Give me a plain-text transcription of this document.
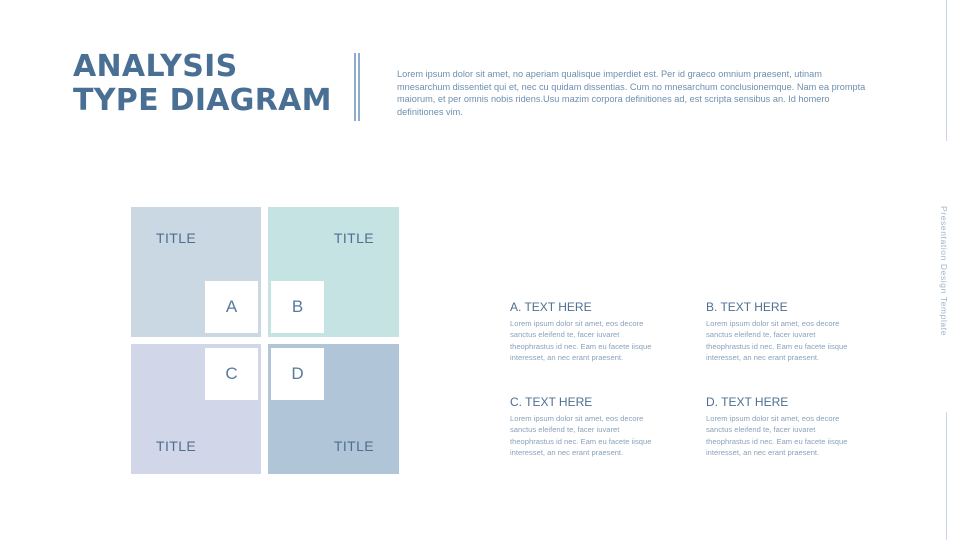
ANALYSIS
TYPE DIAGRAM
Lorem ipsum dolor sit amet, no aperiam qualisque imperdiet est. Per id graeco omnium praesent, utinam mnesarchum dissentiet qui et, nec cu quidam dissentias. Cum no mnesarchum conclusionemque. Nam ea prompta maiorum, et per omnis nobis ridens.Usu mazim corpora definitiones ad, est scripta sensibus an. Id homero definitiones vim.
Presentation Design Template
TITLE	TITLE
TITLE	TITLE
A	B
C	D
A. TEXT HERE
Lorem ipsum dolor sit amet, eos decore sanctus eleifend te, facer iuvaret theophrastus id nec. Eam eu facete iisque interesset, an nec erant praesent.
B. TEXT HERE
Lorem ipsum dolor sit amet, eos decore sanctus eleifend te, facer iuvaret theophrastus id nec. Eam eu facete iisque interesset, an nec erant praesent.
C. TEXT HERE
Lorem ipsum dolor sit amet, eos decore sanctus eleifend te, facer iuvaret theophrastus id nec. Eam eu facete iisque interesset, an nec erant praesent.
D. TEXT HERE
Lorem ipsum dolor sit amet, eos decore sanctus eleifend te, facer iuvaret theophrastus id nec. Eam eu facete iisque interesset, an nec erant praesent.
